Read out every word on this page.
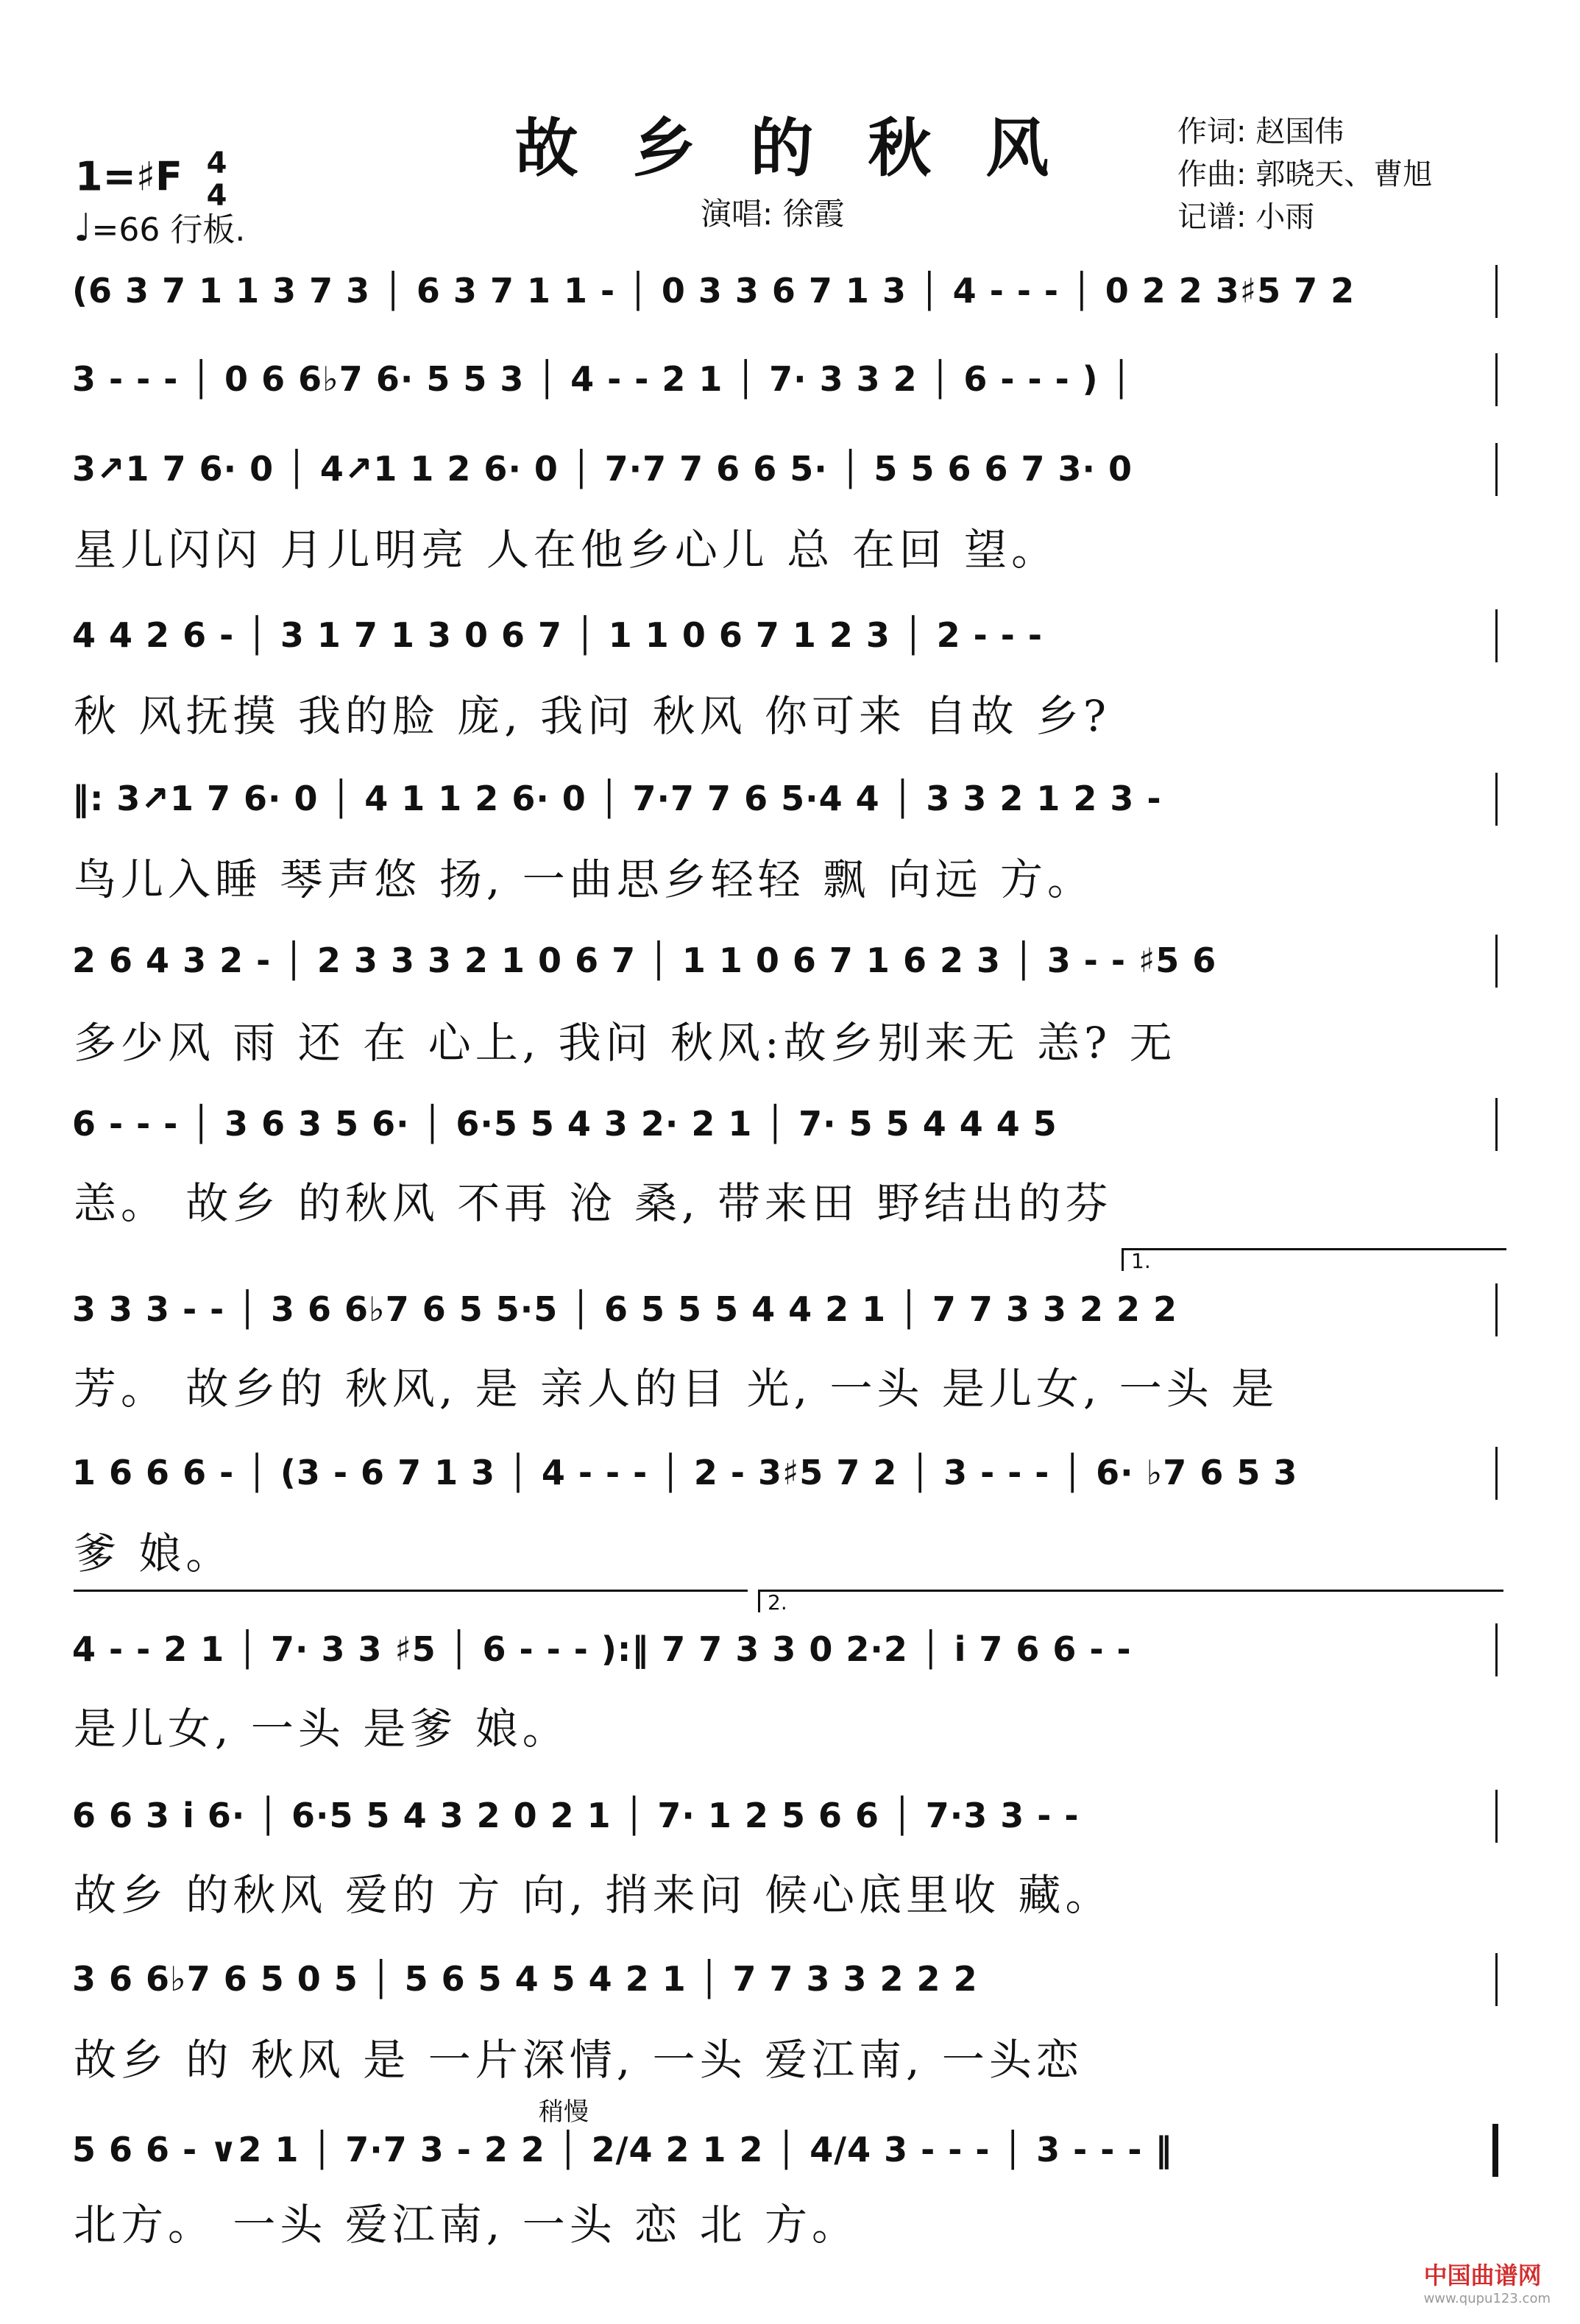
故 乡 的 秋 风
1=♯F 4
4
♩=66 行板.	演唱: 徐霞
作词: 赵国伟
作曲: 郭晓天、曹旭
记谱: 小雨
(6 3 7 1 1 3 7 3 │ 6 3 7 1 1 - │ 0 3 3 6 7 1 3 │ 4 - - - │ 0 2 2 3♯5 7 2
3 - - - │ 0 6 6♭7 6· 5 5 3 │ 4 - - 2 1 │ 7· 3 3 2 │ 6 - - - ) │
3↗1 7 6· 0 │ 4↗1 1 2 6· 0 │ 7·7 7 6 6 5· │ 5 5 6 6 7 3· 0
星儿闪闪 月儿明亮 人在他乡心儿 总 在回 望。
4 4 2 6 - │ 3 1 7 1 3 0 6 7 │ 1 1 0 6 7 1 2 3 │ 2 - - -
秋 风抚摸 我的脸 庞, 我问 秋风 你可来 自故 乡?
‖: 3↗1 7 6· 0 │ 4 1 1 2 6· 0 │ 7·7 7 6 5·4 4 │ 3 3 2 1 2 3 -
鸟儿入睡 琴声悠 扬, 一曲思乡轻轻 飘 向远 方。
2 6 4 3 2 - │ 2 3 3 3 2 1 0 6 7 │ 1 1 0 6 7 1 6 2 3 │ 3 - - ♯5 6
多少风 雨 还 在 心上, 我问 秋风:故乡别来无 恙? 无
6 - - - │ 3 6 3 5 6· │ 6·5 5 4 3 2· 2 1 │ 7· 5 5 4 4 4 5
恙。 故乡 的秋风 不再 沧 桑, 带来田 野结出的芬
1.
3 3 3 - - │ 3 6 6♭7 6 5 5·5 │ 6 5 5 5 4 4 2 1 │ 7 7 3 3 2 2 2
芳。 故乡的 秋风, 是 亲人的目 光, 一头 是儿女, 一头 是
1 6 6 6 - │ (3 - 6 7 1 3 │ 4 - - - │ 2 - 3♯5 7 2 │ 3 - - - │ 6· ♭7 6 5 3
爹 娘。
2.
4 - - 2 1 │ 7· 3 3 ♯5 │ 6 - - - ):‖ 7 7 3 3 0 2·2 │ i 7 6 6 - -
是儿女, 一头 是爹 娘。
6 6 3 i 6· │ 6·5 5 4 3 2 0 2 1 │ 7· 1 2 5 6 6 │ 7·3 3 - -
故乡 的秋风 爱的 方 向, 捎来问 候心底里收 藏。
3 6 6♭7 6 5 0 5 │ 5 6 5 4 5 4 2 1 │ 7 7 3 3 2 2 2
故乡 的 秋风 是 一片深情, 一头 爱江南, 一头恋
稍慢
5 6 6 - ∨2 1 │ 7·7 3 - 2 2 │ 2/4 2 1 2 │ 4/4 3 - - - │ 3 - - - ‖
北方。 一头 爱江南, 一头 恋 北 方。
中国曲谱网
www.qupu123.com
